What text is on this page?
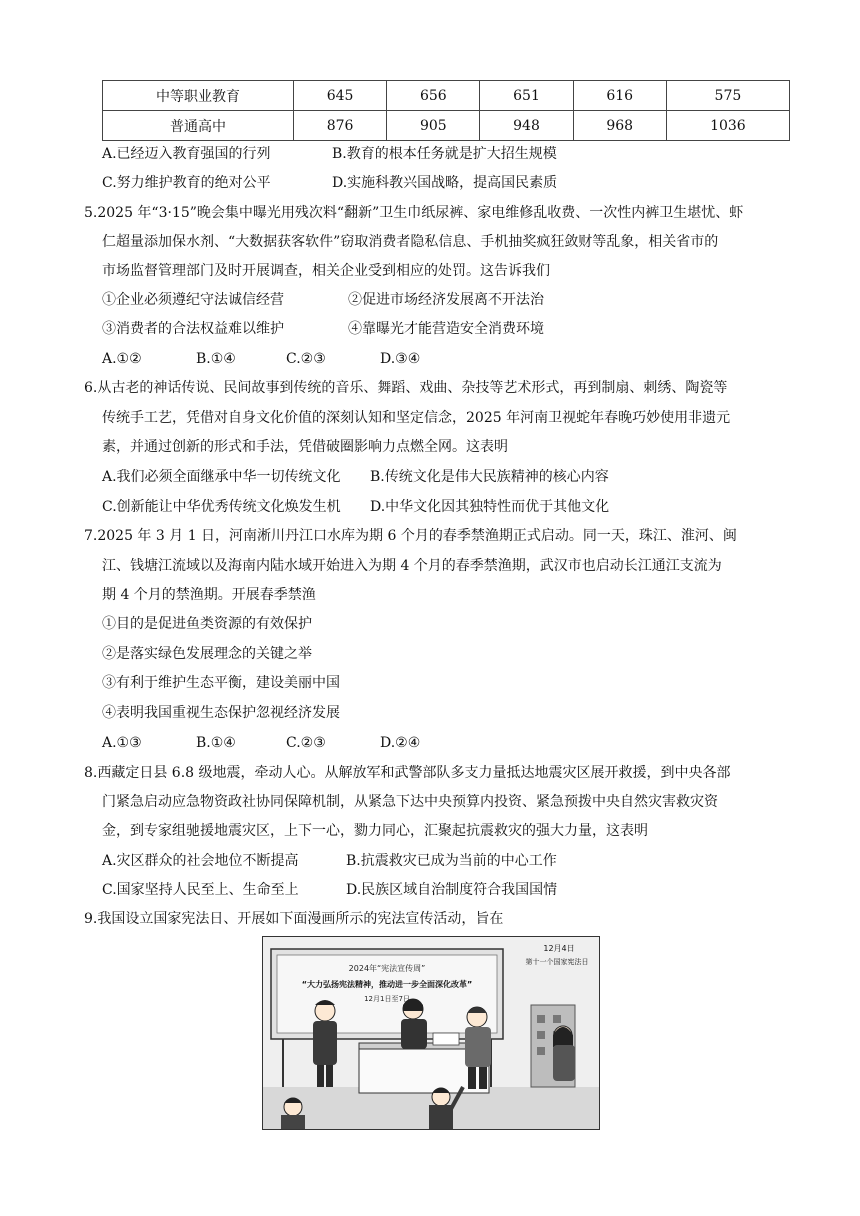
中等职业教育	645	656	651	616	575
普通高中	876	905	948	968	1036
A.已经迈入教育强国的行列	B.教育的根本任务就是扩大招生规模
C.努力维护教育的绝对公平	D.实施科教兴国战略，提高国民素质
5.2025 年“3·15”晚会集中曝光用残次料“翻新”卫生巾纸尿裤、家电维修乱收费、一次性内裤卫生堪忧、虾
仁超量添加保水剂、“大数据获客软件”窃取消费者隐私信息、手机抽奖疯狂敛财等乱象，相关省市的
市场监督管理部门及时开展调查，相关企业受到相应的处罚。这告诉我们
①企业必须遵纪守法诚信经营	②促进市场经济发展离不开法治
③消费者的合法权益难以维护	④靠曝光才能营造安全消费环境
A.①②	B.①④	C.②③	D.③④
6.从古老的神话传说、民间故事到传统的音乐、舞蹈、戏曲、杂技等艺术形式，再到制扇、刺绣、陶瓷等
传统手工艺，凭借对自身文化价值的深刻认知和坚定信念，2025 年河南卫视蛇年春晚巧妙使用非遗元
素，并通过创新的形式和手法，凭借破圈影响力点燃全网。这表明
A.我们必须全面继承中华一切传统文化 B.传统文化是伟大民族精神的核心内容
C.创新能让中华优秀传统文化焕发生机 D.中华文化因其独特性而优于其他文化
7.2025 年 3 月 1 日，河南淅川丹江口水库为期 6 个月的春季禁渔期正式启动。同一天，珠江、淮河、闽
江、钱塘江流域以及海南内陆水域开始进入为期 4 个月的春季禁渔期，武汉市也启动长江通江支流为
期 4 个月的禁渔期。开展春季禁渔
①目的是促进鱼类资源的有效保护
②是落实绿色发展理念的关键之举
③有利于维护生态平衡，建设美丽中国
④表明我国重视生态保护忽视经济发展
A.①③	B.①④	C.②③	D.②④
8.西藏定日县 6.8 级地震，牵动人心。从解放军和武警部队多支力量抵达地震灾区展开救援，到中央各部
门紧急启动应急物资政社协同保障机制，从紧急下达中央预算内投资、紧急预拨中央自然灾害救灾资
金，到专家组驰援地震灾区，上下一心，勠力同心，汇聚起抗震救灾的强大力量，这表明
A.灾区群众的社会地位不断提高	B.抗震救灾已成为当前的中心工作
C.国家坚持人民至上、生命至上	D.民族区域自治制度符合我国国情
9.我国设立国家宪法日、开展如下面漫画所示的宪法宣传活动，旨在
2024年“宪法宣传周”
“大力弘扬宪法精神，推动进一步全面深化改革”
12月1日至7日
12月4日
第十一个国家宪法日
